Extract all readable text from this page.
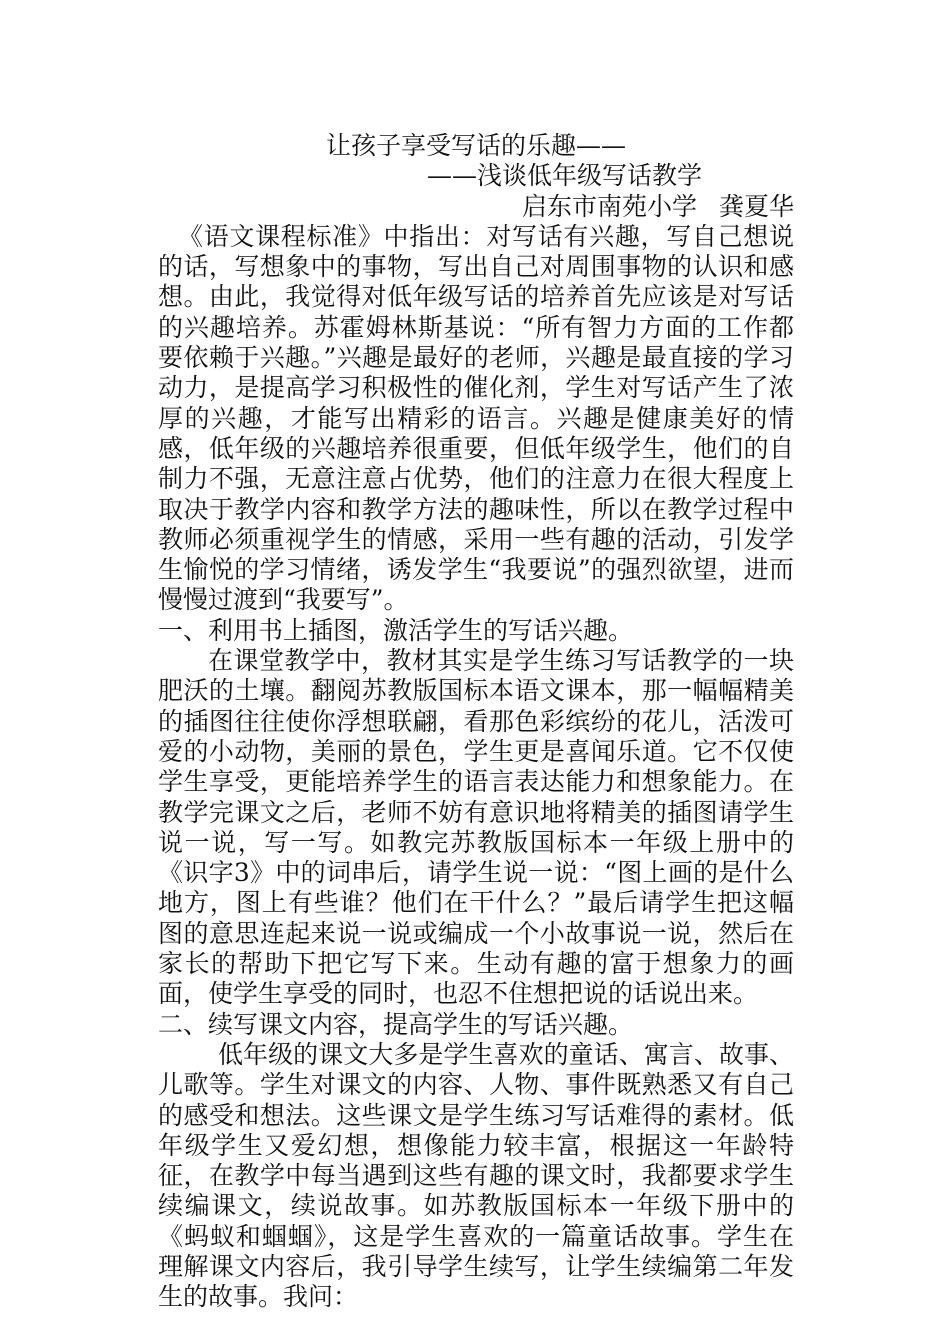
让孩子享受写话的乐趣——
——浅谈低年级写话教学
启东市南苑小学 龚夏华

《语文课程标准》中指出：对写话有兴趣，写自己想说的话，写想象中的事物，写出自己对周围事物的认识和感想。由此，我觉得对低年级写话的培养首先应该是对写话的兴趣培养。苏霍姆林斯基说：“所有智力方面的工作都要依赖于兴趣。”兴趣是最好的老师，兴趣是最直接的学习动力，是提高学习积极性的催化剂，学生对写话产生了浓厚的兴趣，才能写出精彩的语言。兴趣是健康美好的情感，低年级的兴趣培养很重要，但低年级学生，他们的自制力不强，无意注意占优势，他们的注意力在很大程度上取决于教学内容和教学方法的趣味性，所以在教学过程中教师必须重视学生的情感，采用一些有趣的活动，引发学生愉悦的学习情绪，诱发学生“我要说”的强烈欲望，进而慢慢过渡到“我要写”。

一、利用书上插图，激活学生的写话兴趣。

在课堂教学中，教材其实是学生练习写话教学的一块肥沃的土壤。翻阅苏教版国标本语文课本，那一幅幅精美的插图往往使你浮想联翩，看那色彩缤纷的花儿，活泼可爱的小动物，美丽的景色，学生更是喜闻乐道。它不仅使学生享受，更能培养学生的语言表达能力和想象能力。在教学完课文之后，老师不妨有意识地将精美的插图请学生说一说，写一写。如教完苏教版国标本一年级上册中的《识字3》中的词串后，请学生说一说：“图上画的是什么地方，图上有些谁？他们在干什么？”最后请学生把这幅图的意思连起来说一说或编成一个小故事说一说，然后在家长的帮助下把它写下来。生动有趣的富于想象力的画面，使学生享受的同时，也忍不住想把说的话说出来。

二、续写课文内容，提高学生的写话兴趣。

低年级的课文大多是学生喜欢的童话、寓言、故事、儿歌等。学生对课文的内容、人物、事件既熟悉又有自己的感受和想法。这些课文是学生练习写话难得的素材。低年级学生又爱幻想，想像能力较丰富，根据这一年龄特征，在教学中每当遇到这些有趣的课文时，我都要求学生续编课文，续说故事。如苏教版国标本一年级下册中的《蚂蚁和蝈蝈》，这是学生喜欢的一篇童话故事。学生在理解课文内容后，我引导学生续写，让学生续编第二年发生的故事。我问：
